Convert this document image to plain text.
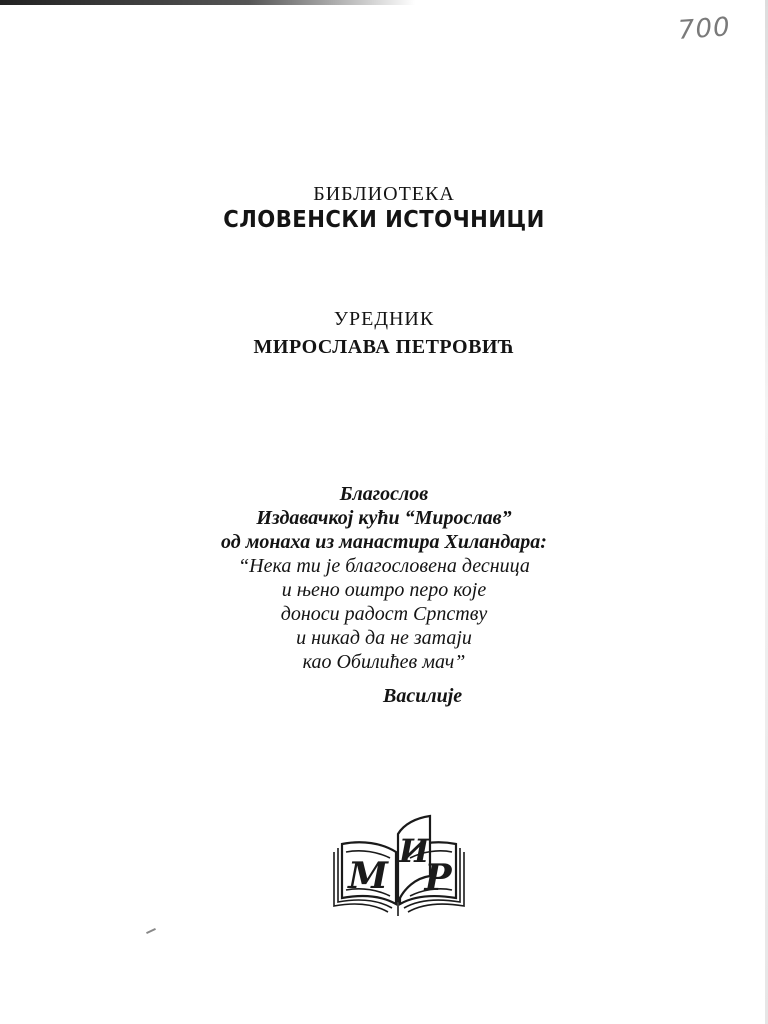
700
БИБЛИОТЕКА
СЛОВЕНСКИ ИСТОЧНИЦИ
УРЕДНИК
МИРОСЛАВА ПЕТРОВИЋ
Благослов
Издавачкој кући “Мирослав”
од монаха из манастира Хиландара:
“Нека ти је благословена десница
и њено оштро перо које
доноси радост Српству
и никад да не затаји
као Обилићев мач”
Василије
М
И
Р
